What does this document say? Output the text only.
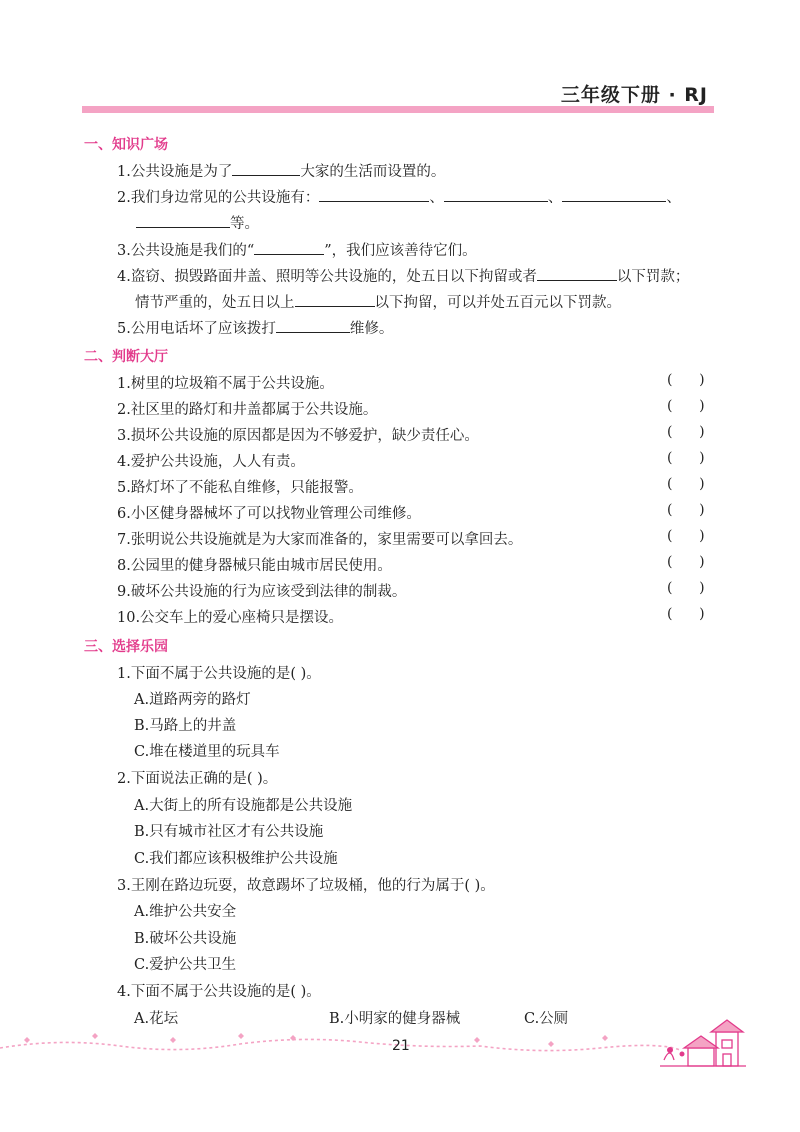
三年级下册 · RJ
一、知识广场
1.公共设施是为了	大家的生活而设置的。
2.我们身边常见的公共设施有：	、	、	、
等。
3.公共设施是我们的“	”，我们应该善待它们。
4.盗窃、损毁路面井盖、照明等公共设施的，处五日以下拘留或者	以下罚款；
情节严重的，处五日以上	以下拘留，可以并处五百元以下罚款。
5.公用电话坏了应该拨打	维修。
二、判断大厅
1.树里的垃圾箱不属于公共设施。	(      )
2.社区里的路灯和井盖都属于公共设施。	(      )
3.损坏公共设施的原因都是因为不够爱护，缺少责任心。	(      )
4.爱护公共设施，人人有责。	(      )
5.路灯坏了不能私自维修，只能报警。	(      )
6.小区健身器械坏了可以找物业管理公司维修。	(      )
7.张明说公共设施就是为大家而准备的，家里需要可以拿回去。	(      )
8.公园里的健身器械只能由城市居民使用。	(      )
9.破坏公共设施的行为应该受到法律的制裁。	(      )
10.公交车上的爱心座椅只是摆设。	(      )
三、选择乐园
1.下面不属于公共设施的是( )。
A.道路两旁的路灯
B.马路上的井盖
C.堆在楼道里的玩具车
2.下面说法正确的是( )。
A.大街上的所有设施都是公共设施
B.只有城市社区才有公共设施
C.我们都应该积极维护公共设施
3.王刚在路边玩耍，故意踢坏了垃圾桶，他的行为属于( )。
A.维护公共安全
B.破坏公共设施
C.爱护公共卫生
4.下面不属于公共设施的是( )。
A.花坛	B.小明家的健身器械	C.公厕
21
